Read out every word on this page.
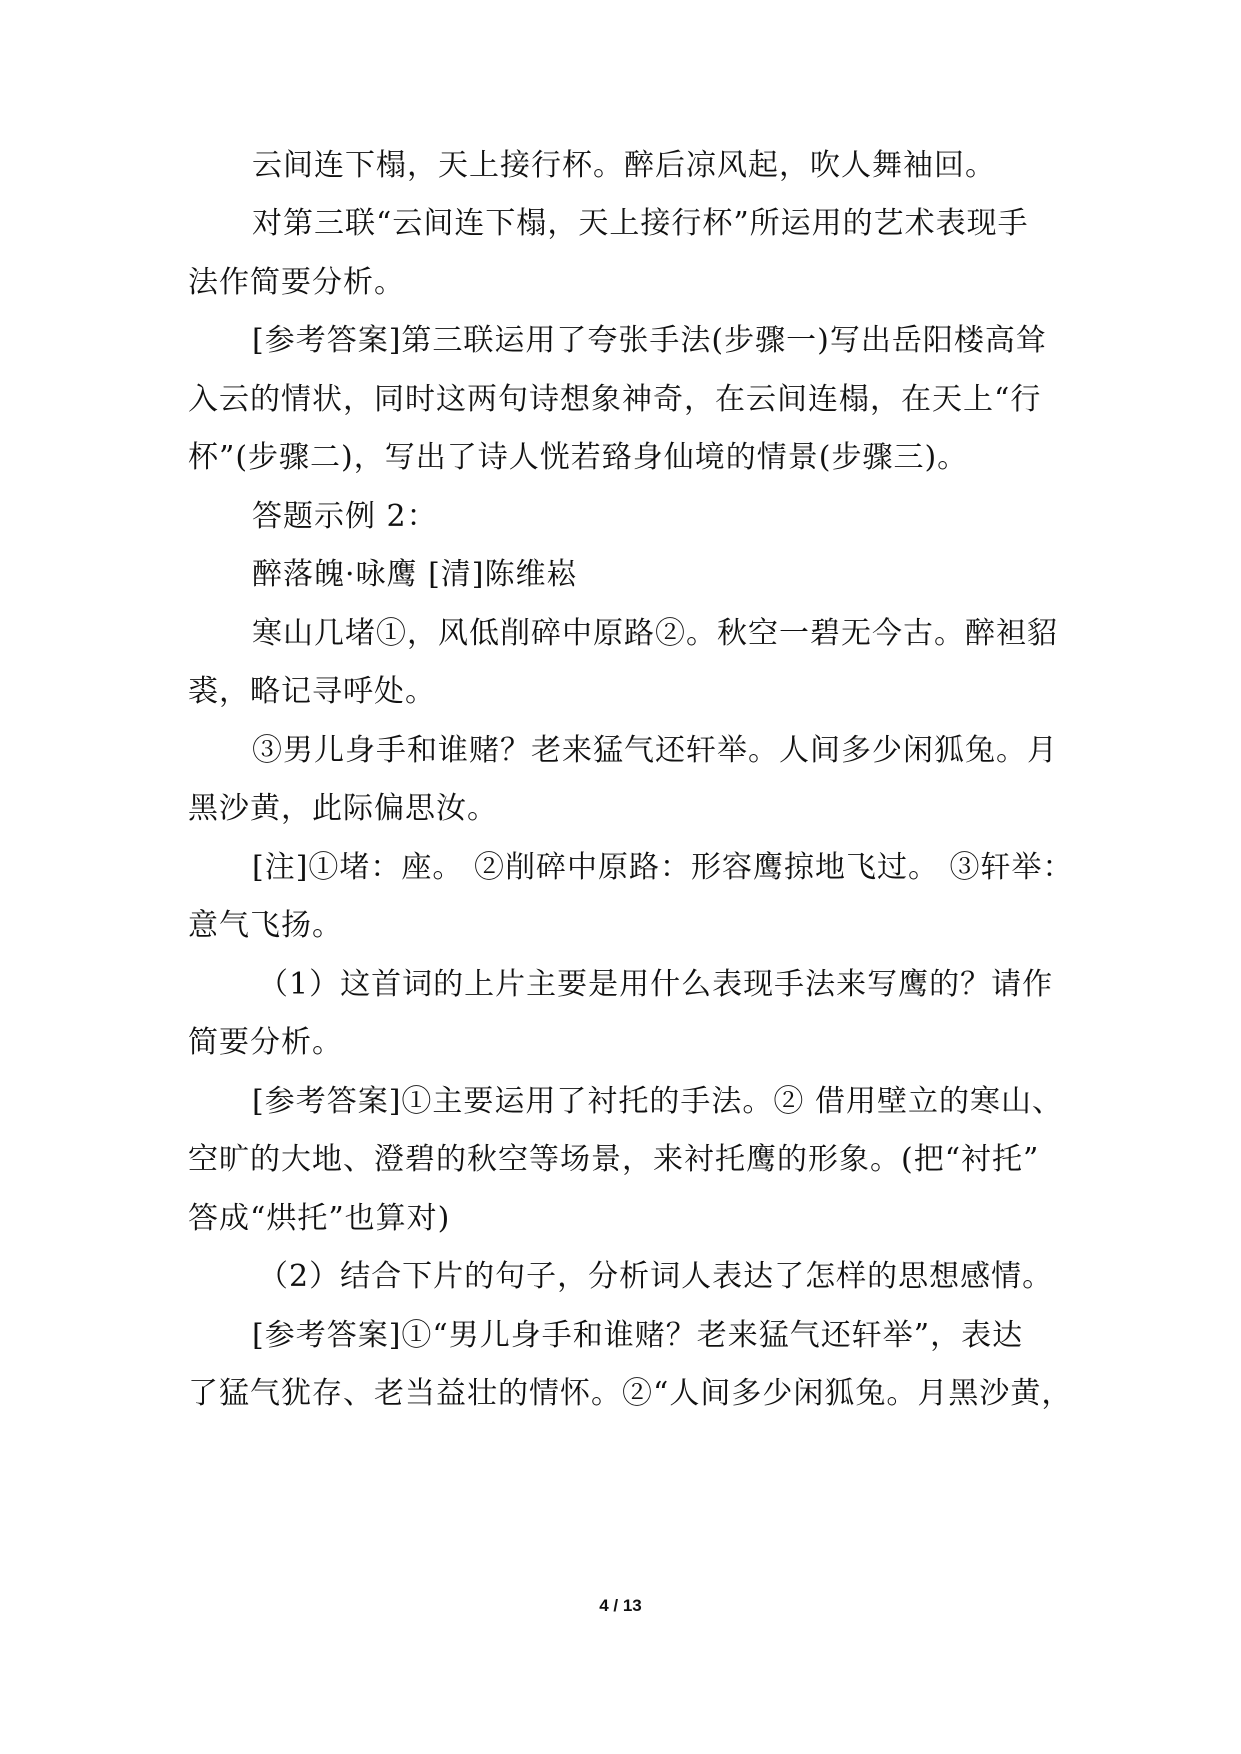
云间连下榻，天上接行杯。醉后凉风起，吹人舞袖回。
对第三联“云间连下榻，天上接行杯”所运用的艺术表现手
法作简要分析。
[参考答案]第三联运用了夸张手法(步骤一)写出岳阳楼高耸
入云的情状，同时这两句诗想象神奇，在云间连榻，在天上“行
杯”(步骤二)，写出了诗人恍若臵身仙境的情景(步骤三)。
答题示例 2：
醉落魄·咏鹰 [清]陈维崧
寒山几堵①，风低削碎中原路②。秋空一碧无今古。醉袒貂
裘，略记寻呼处。
③男儿身手和谁赌？老来猛气还轩举。人间多少闲狐兔。月
黑沙黄，此际偏思汝。
[注]①堵：座。 ②削碎中原路：形容鹰掠地飞过。 ③轩举：
意气飞扬。
（1）这首词的上片主要是用什么表现手法来写鹰的？请作
简要分析。
[参考答案]①主要运用了衬托的手法。② 借用壁立的寒山、
空旷的大地、澄碧的秋空等场景，来衬托鹰的形象。(把“衬托”
答成“烘托”也算对)
（2）结合下片的句子，分析词人表达了怎样的思想感情。
[参考答案]①“男儿身手和谁赌？老来猛气还轩举”，表达
了猛气犹存、老当益壮的情怀。②“人间多少闲狐兔。月黑沙黄，
4 / 13
